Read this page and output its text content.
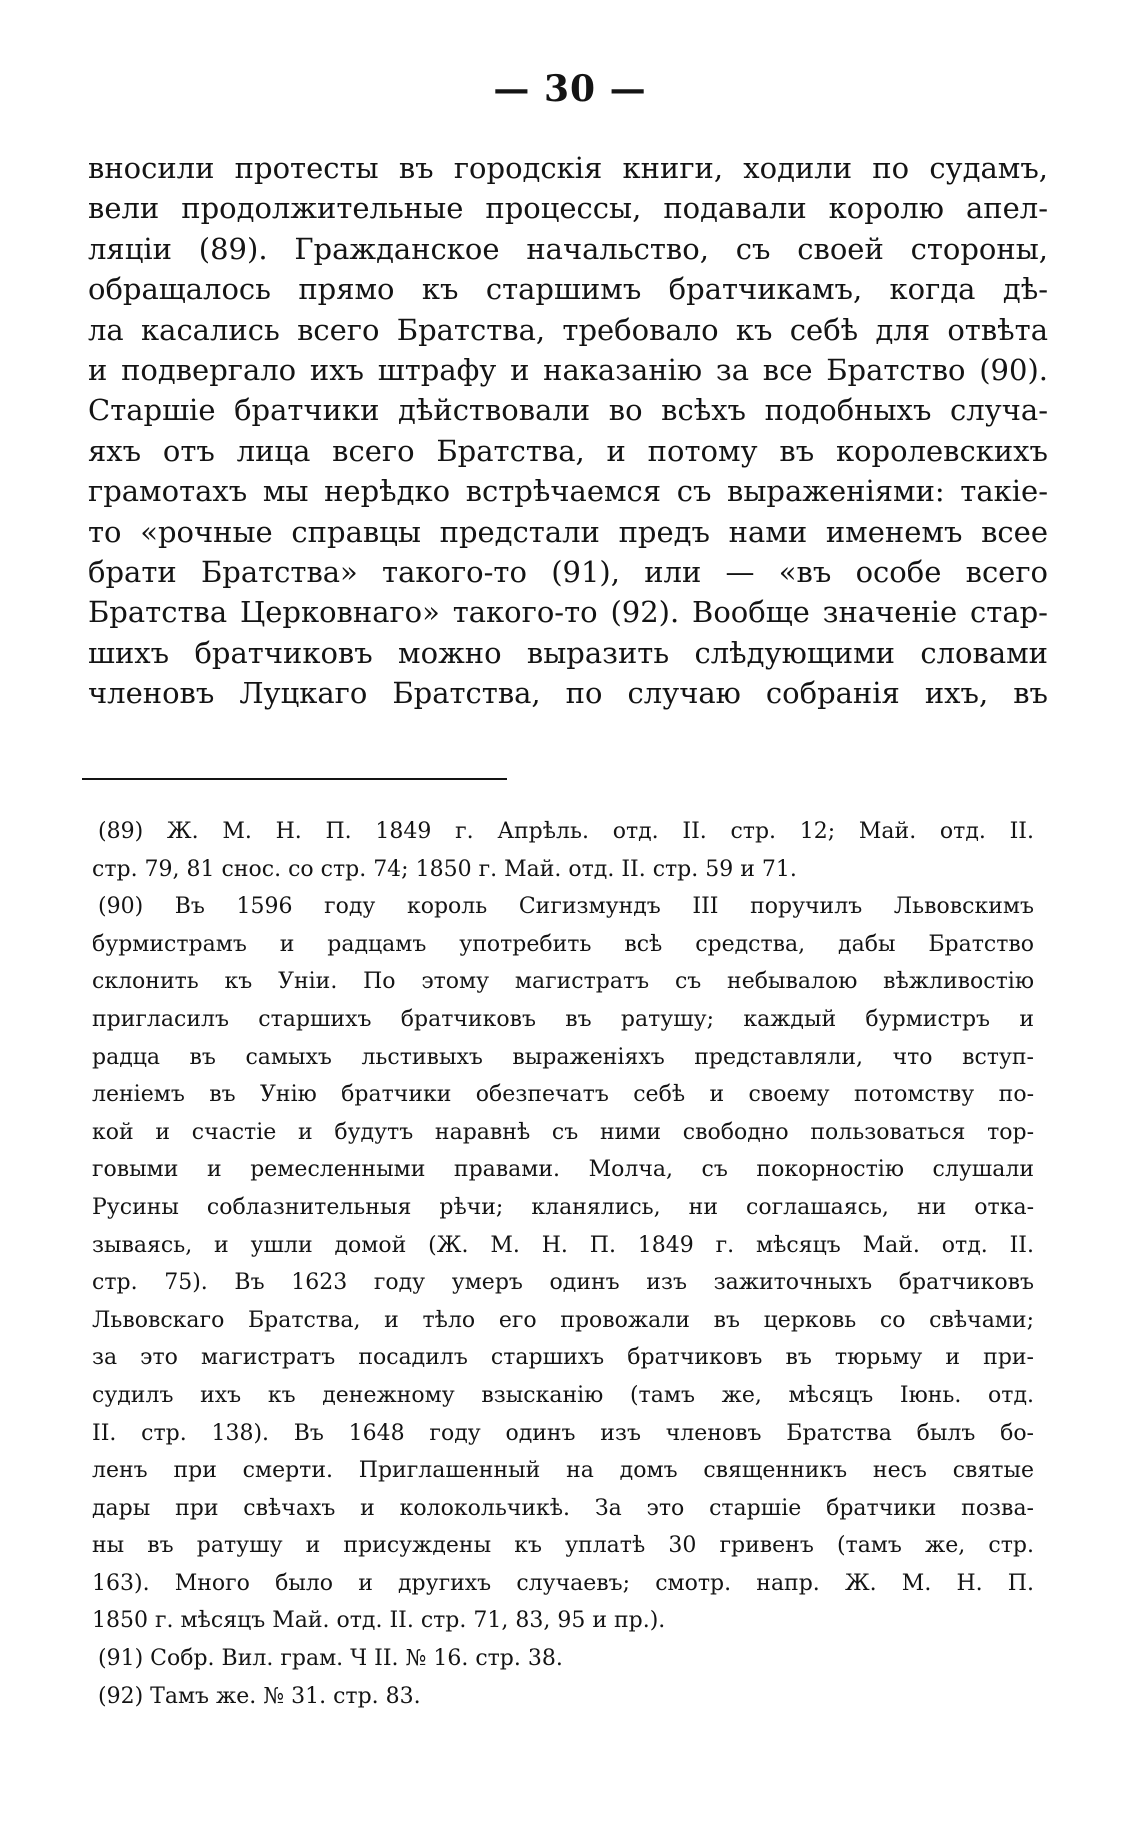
— 30 —
вносили протесты въ городскія книги, ходили по судамъ,
вели продолжительные процессы, подавали королю апел-
ляціи (89). Гражданское начальство, съ своей стороны,
обращалось прямо къ старшимъ братчикамъ, когда дѣ-
ла касались всего Братства, требовало къ себѣ для отвѣта
и подвергало ихъ штрафу и наказанію за все Братство (90).
Старшіе братчики дѣйствовали во всѣхъ подобныхъ случа-
яхъ отъ лица всего Братства, и потому въ королевскихъ
грамотахъ мы нерѣдко встрѣчаемся съ выраженіями: такіе-
то «рочные справцы предстали предъ нами именемъ всее
брати Братства» такого-то (91), или — «въ особе всего
Братства Церковнаго» такого-то (92). Вообще значеніе стар-
шихъ братчиковъ можно выразить слѣдующими словами
членовъ Луцкаго Братства, по случаю собранія ихъ, въ
(89) Ж. М. Н. П. 1849 г. Апрѣль. отд. II. стр. 12; Май. отд. II.
стр. 79, 81 снос. со стр. 74; 1850 г. Май. отд. II. стр. 59 и 71.
(90) Въ 1596 году король Сигизмундъ III поручилъ Львовскимъ
бурмистрамъ и радцамъ употребить всѣ средства, дабы Братство
склонить къ Уніи. По этому магистратъ съ небывалою вѣжливостію
пригласилъ старшихъ братчиковъ въ ратушу; каждый бурмистръ и
радца въ самыхъ льстивыхъ выраженіяхъ представляли, что вступ-
леніемъ въ Унію братчики обезпечатъ себѣ и своему потомству по-
кой и счастіе и будутъ наравнѣ съ ними свободно пользоваться тор-
говыми и ремесленными правами. Молча, съ покорностію слушали
Русины соблазнительныя рѣчи; кланялись, ни соглашаясь, ни отка-
зываясь, и ушли домой (Ж. М. Н. П. 1849 г. мѣсяцъ Май. отд. II.
стр. 75). Въ 1623 году умеръ одинъ изъ зажиточныхъ братчиковъ
Львовскаго Братства, и тѣло его провожали въ церковь со свѣчами;
за это магистратъ посадилъ старшихъ братчиковъ въ тюрьму и при-
судилъ ихъ къ денежному взысканію (тамъ же, мѣсяцъ Іюнь. отд.
II. стр. 138). Въ 1648 году одинъ изъ членовъ Братства былъ бо-
ленъ при смерти. Приглашенный на домъ священникъ несъ святые
дары при свѣчахъ и колокольчикѣ. За это старшіе братчики позва-
ны въ ратушу и присуждены къ уплатѣ 30 гривенъ (тамъ же, стр.
163). Много было и другихъ случаевъ; смотр. напр. Ж. М. Н. П.
1850 г. мѣсяцъ Май. отд. II. стр. 71, 83, 95 и пр.).
(91) Собр. Вил. грам. Ч II. № 16. стр. 38.
(92) Тамъ же. № 31. стр. 83.
